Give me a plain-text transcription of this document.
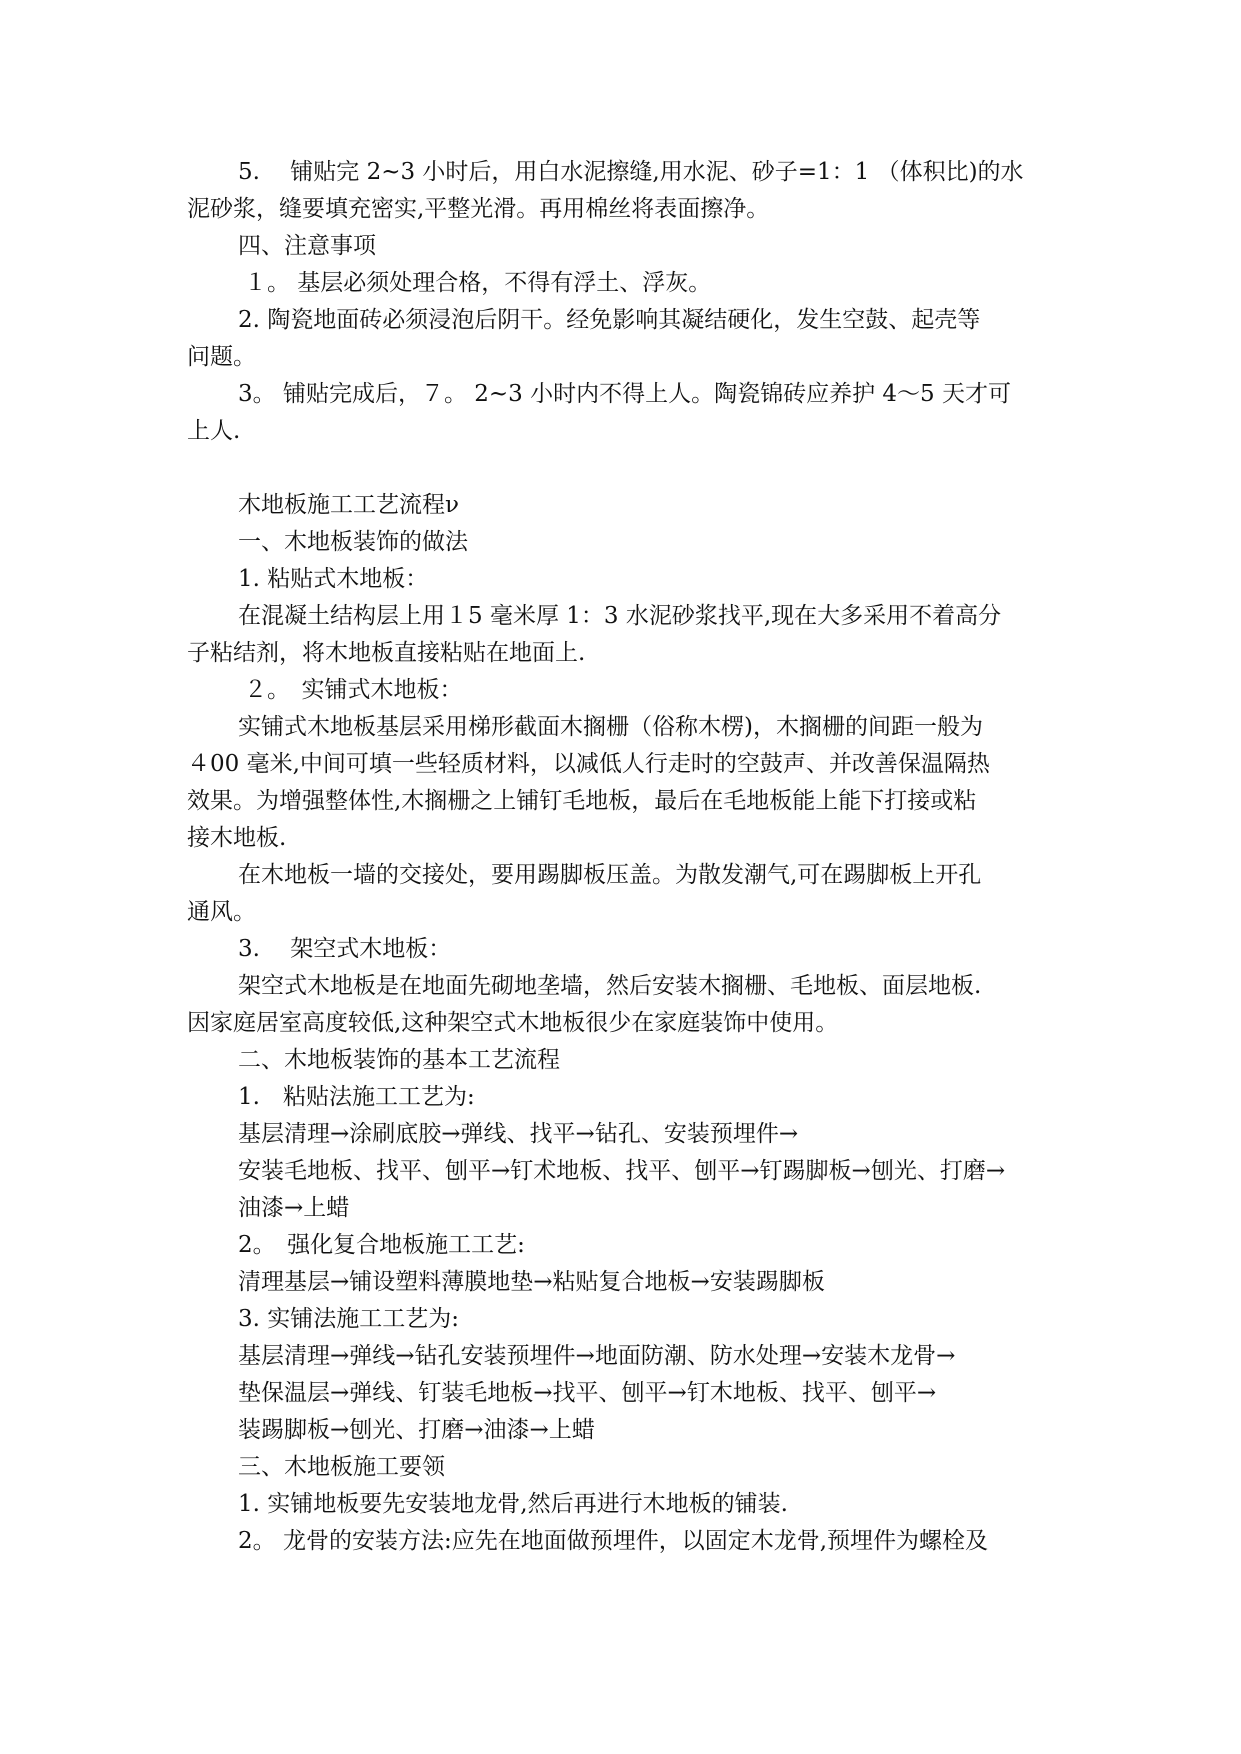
5.　 铺贴完 2~3 小时后，用白水泥擦缝,用水泥、砂子=1：1 （体积比)的水
泥砂浆，缝要填充密实,平整光滑。再用棉丝将表面擦净。
四、注意事项
１。 基层必须处理合格，不得有浮土、浮灰。
2. 陶瓷地面砖必须浸泡后阴干。经免影响其凝结硬化，发生空鼓、起壳等
问题。
3。 铺贴完成后，７。 2~3 小时内不得上人。陶瓷锦砖应养护 4～5 天才可
上人.
木地板施工工艺流程ν
一、木地板装饰的做法
1. 粘贴式木地板：
在混凝土结构层上用１5 毫米厚 1：3 水泥砂浆找平,现在大多采用不着高分
子粘结剂，将木地板直接粘贴在地面上.
２。　实铺式木地板：
实铺式木地板基层采用梯形截面木搁栅（俗称木楞)，木搁栅的间距一般为
４00 毫米,中间可填一些轻质材料，以减低人行走时的空鼓声、并改善保温隔热
效果。为增强整体性,木搁栅之上铺钉毛地板，最后在毛地板能上能下打接或粘
接木地板.
在木地板一墙的交接处，要用踢脚板压盖。为散发潮气,可在踢脚板上开孔
通风。
3.　 架空式木地板：
架空式木地板是在地面先砌地垄墙，然后安装木搁栅、毛地板、面层地板.
因家庭居室高度较低,这种架空式木地板很少在家庭装饰中使用。
二、木地板装饰的基本工艺流程
1.　粘贴法施工工艺为:
基层清理→涂刷底胶→弹线、找平→钻孔、安装预埋件→
安装毛地板、找平、刨平→钉术地板、找平、刨平→钉踢脚板→刨光、打磨→
油漆→上蜡
2。　强化复合地板施工工艺:
清理基层→铺设塑料薄膜地垫→粘贴复合地板→安装踢脚板
3. 实铺法施工工艺为:
基层清理→弹线→钻孔安装预埋件→地面防潮、防水处理→安装木龙骨→
垫保温层→弹线、钉装毛地板→找平、刨平→钉木地板、找平、刨平→
装踢脚板→刨光、打磨→油漆→上蜡
三、木地板施工要领
1. 实铺地板要先安装地龙骨,然后再进行木地板的铺装.
2。 龙骨的安装方法:应先在地面做预埋件，以固定木龙骨,预埋件为螺栓及
